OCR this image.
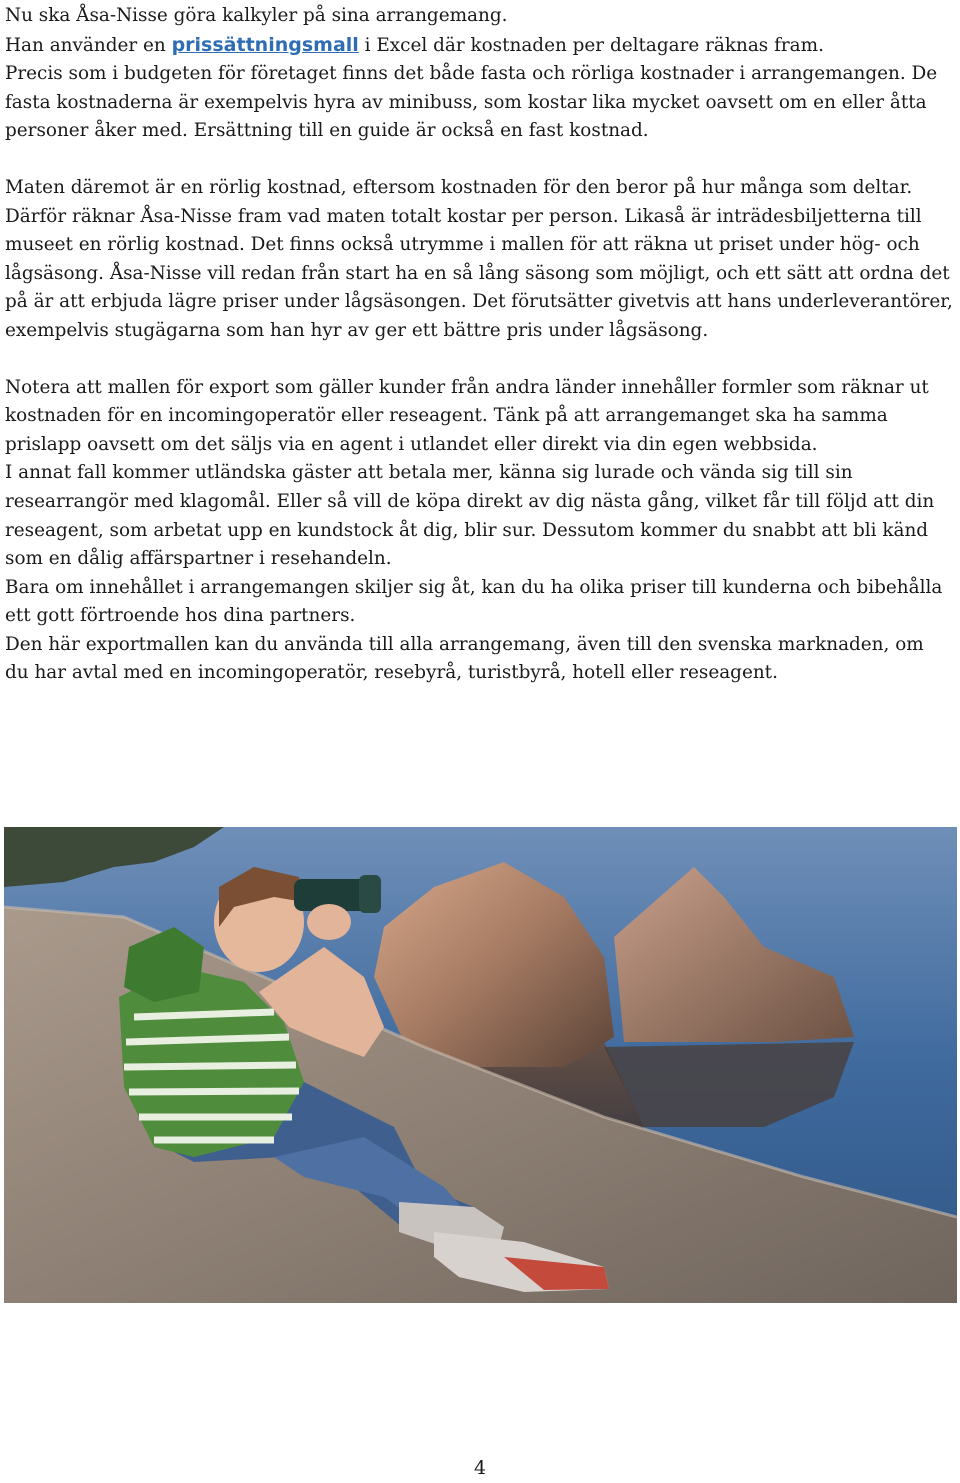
Nu ska Åsa-Nisse göra kalkyler på sina arrangemang.

Han använder en prissättningsmall i Excel där kostnaden per deltagare räknas fram.

Precis som i budgeten för företaget finns det både fasta och rörliga kostnader i arrangemangen. De fasta kostnaderna är exempelvis hyra av minibuss, som kostar lika mycket oavsett om en eller åtta personer åker med. Ersättning till en guide är också en fast kostnad.

Maten däremot är en rörlig kostnad, eftersom kostnaden för den beror på hur många som deltar. Därför räknar Åsa-Nisse fram vad maten totalt kostar per person. Likaså är inträdesbiljetterna till museet en rörlig kostnad. Det finns också utrymme i mallen för att räkna ut priset under hög- och lågsäsong. Åsa-Nisse vill redan från start ha en så lång säsong som möjligt, och ett sätt att ordna det på är att erbjuda lägre priser under lågsäsongen. Det förutsätter givetvis att hans underleverantörer, exempelvis stugägarna som han hyr av ger ett bättre pris under lågsäsong.

Notera att mallen för export som gäller kunder från andra länder innehåller formler som räknar ut kostnaden för en incomingoperatör eller reseagent. Tänk på att arrangemanget ska ha samma prislapp oavsett om det säljs via en agent i utlandet eller direkt via din egen webbsida.

I annat fall kommer utländska gäster att betala mer, känna sig lurade och vända sig till sin researrangör med klagomål. Eller så vill de köpa direkt av dig nästa gång, vilket får till följd att din reseagent, som arbetat upp en kundstock åt dig, blir sur. Dessutom kommer du snabbt att bli känd som en dålig affärspartner i resehandeln.

Bara om innehållet i arrangemangen skiljer sig åt, kan du ha olika priser till kunderna och bibehålla ett gott förtroende hos dina partners.

Den här exportmallen kan du använda till alla arrangemang, även till den svenska marknaden, om du har avtal med en incomingoperatör, resebyrå, turistbyrå, hotell eller reseagent.

4
